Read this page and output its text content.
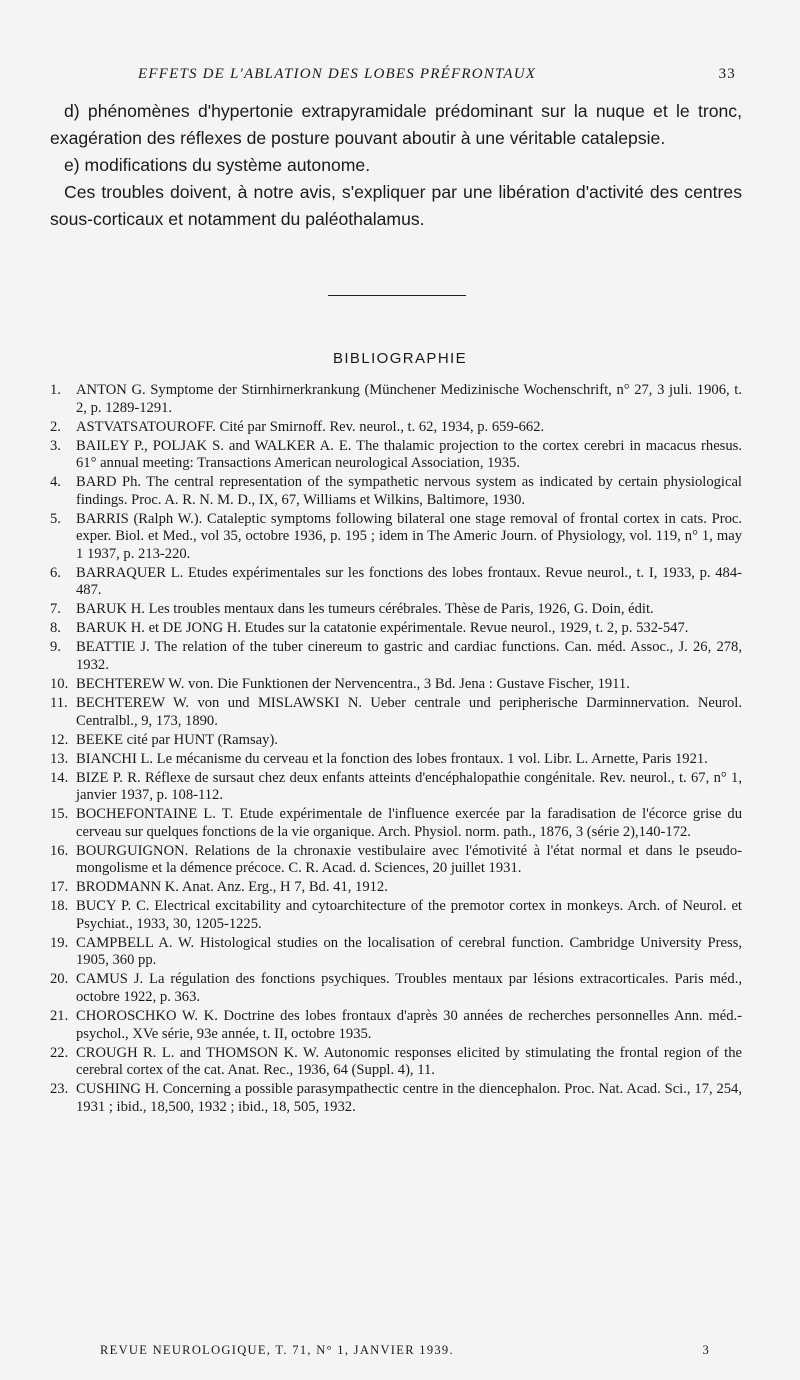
EFFETS DE L'ABLATION DES LOBES PRÉFRONTAUX	33

d) phénomènes d'hypertonie extrapyramidale prédominant sur la nuque et le tronc, exagération des réflexes de posture pouvant aboutir à une véritable catalepsie.

e) modifications du système autonome.

Ces troubles doivent, à notre avis, s'expliquer par une libération d'activité des centres sous-corticaux et notamment du paléothalamus.

BIBLIOGRAPHIE
1. ANTON G. Symptome der Stirnhirnerkrankung (Münchener Medizinische Wochenschrift, n° 27, 3 juli. 1906, t. 2, p. 1289-1291.
2. ASTVATSATOUROFF. Cité par Smirnoff. Rev. neurol., t. 62, 1934, p. 659-662.
3. BAILEY P., POLJAK S. and WALKER A. E. The thalamic projection to the cortex cerebri in macacus rhesus. 61° annual meeting: Transactions American neurological Association, 1935.
4. BARD Ph. The central representation of the sympathetic nervous system as indicated by certain physiological findings. Proc. A. R. N. M. D., IX, 67, Williams et Wilkins, Baltimore, 1930.
5. BARRIS (Ralph W.). Cataleptic symptoms following bilateral one stage removal of frontal cortex in cats. Proc. exper. Biol. et Med., vol 35, octobre 1936, p. 195 ; idem in The Americ Journ. of Physiology, vol. 119, n° 1, may 1 1937, p. 213-220.
6. BARRAQUER L. Etudes expérimentales sur les fonctions des lobes frontaux. Revue neurol., t. I, 1933, p. 484-487.
7. BARUK H. Les troubles mentaux dans les tumeurs cérébrales. Thèse de Paris, 1926, G. Doin, édit.
8. BARUK H. et DE JONG H. Etudes sur la catatonie expérimentale. Revue neurol., 1929, t. 2, p. 532-547.
9. BEATTIE J. The relation of the tuber cinereum to gastric and cardiac functions. Can. méd. Assoc., J. 26, 278, 1932.
10. BECHTEREW W. von. Die Funktionen der Nervencentra., 3 Bd. Jena : Gustave Fischer, 1911.
11. BECHTEREW W. von und MISLAWSKI N. Ueber centrale und peripherische Darminnervation. Neurol. Centralbl., 9, 173, 1890.
12. BEEKE cité par HUNT (Ramsay).
13. BIANCHI L. Le mécanisme du cerveau et la fonction des lobes frontaux. 1 vol. Libr. L. Arnette, Paris 1921.
14. BIZE P. R. Réflexe de sursaut chez deux enfants atteints d'encéphalopathie congénitale. Rev. neurol., t. 67, n° 1, janvier 1937, p. 108-112.
15. BOCHEFONTAINE L. T. Etude expérimentale de l'influence exercée par la faradisation de l'écorce grise du cerveau sur quelques fonctions de la vie organique. Arch. Physiol. norm. path., 1876, 3 (série 2),140-172.
16. BOURGUIGNON. Relations de la chronaxie vestibulaire avec l'émotivité à l'état normal et dans le pseudo-mongolisme et la démence précoce. C. R. Acad. d. Sciences, 20 juillet 1931.
17. BRODMANN K. Anat. Anz. Erg., H 7, Bd. 41, 1912.
18. BUCY P. C. Electrical excitability and cytoarchitecture of the premotor cortex in monkeys. Arch. of Neurol. et Psychiat., 1933, 30, 1205-1225.
19. CAMPBELL A. W. Histological studies on the localisation of cerebral function. Cambridge University Press, 1905, 360 pp.
20. CAMUS J. La régulation des fonctions psychiques. Troubles mentaux par lésions extracorticales. Paris méd., octobre 1922, p. 363.
21. CHOROSCHKO W. K. Doctrine des lobes frontaux d'après 30 années de recherches personnelles Ann. méd.-psychol., XVe série, 93e année, t. II, octobre 1935.
22. CROUGH R. L. and THOMSON K. W. Autonomic responses elicited by stimulating the frontal region of the cerebral cortex of the cat. Anat. Rec., 1936, 64 (Suppl. 4), 11.
23. CUSHING H. Concerning a possible parasympathectic centre in the diencephalon. Proc. Nat. Acad. Sci., 17, 254, 1931 ; ibid., 18,500, 1932 ; ibid., 18, 505, 1932.
REVUE NEUROLOGIQUE, T. 71, N° 1, JANVIER 1939.	3
